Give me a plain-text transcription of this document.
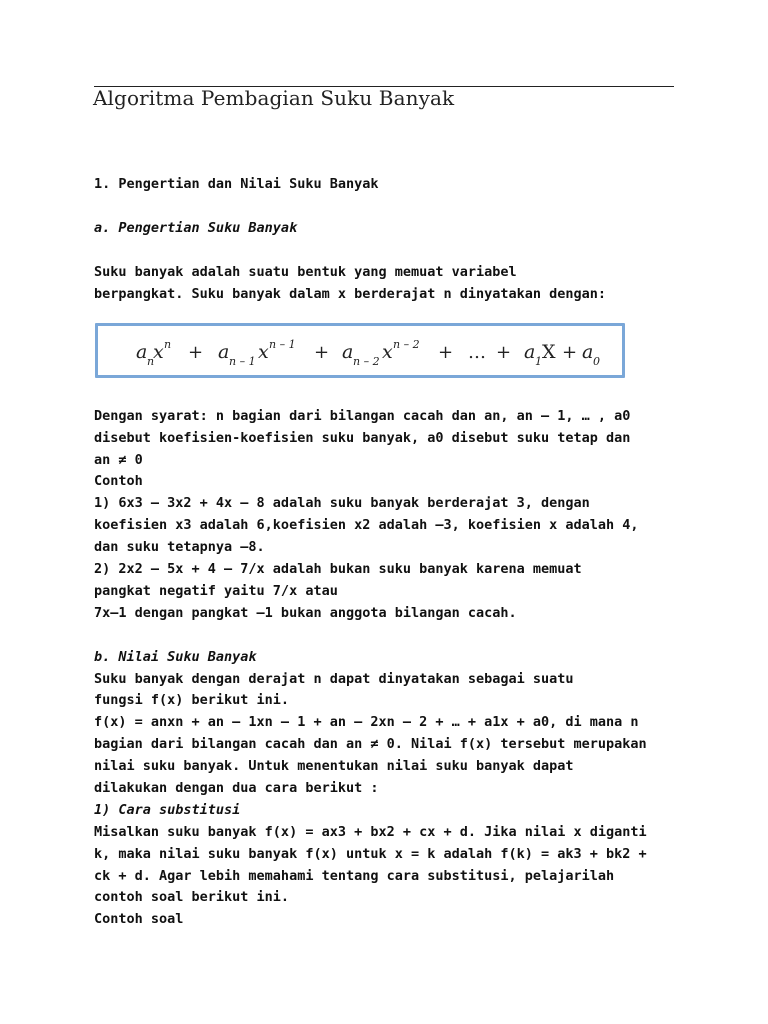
Algoritma Pembagian Suku Banyak
1. Pengertian dan Nilai Suku Banyak
a. Pengertian Suku Banyak
Suku banyak adalah suatu bentuk yang memuat variabel
berpangkat. Suku banyak dalam x berderajat n dinyatakan dengan:
a n
x n + a n – 1 x n – 1 + a n – 2 x n – 2 + … + a 1 X + a 0
Dengan syarat: n bagian dari bilangan cacah dan an, an – 1, … , a0
disebut koefisien-koefisien suku banyak, a0 disebut suku tetap dan
an ≠ 0
Contoh
1) 6x3 – 3x2 + 4x – 8 adalah suku banyak berderajat 3, dengan
koefisien x3 adalah 6,koefisien x2 adalah –3, koefisien x adalah 4,
dan suku tetapnya –8.
2) 2x2 – 5x + 4 – 7/x adalah bukan suku banyak karena memuat
pangkat negatif yaitu 7/x atau
7x–1 dengan pangkat –1 bukan anggota bilangan cacah.
b. Nilai Suku Banyak
Suku banyak dengan derajat n dapat dinyatakan sebagai suatu
fungsi f(x) berikut ini.
f(x) = anxn + an – 1xn – 1 + an – 2xn – 2 + … + a1x + a0, di mana n
bagian dari bilangan cacah dan an ≠ 0. Nilai f(x) tersebut merupakan
nilai suku banyak. Untuk menentukan nilai suku banyak dapat
dilakukan dengan dua cara berikut :
1) Cara substitusi
Misalkan suku banyak f(x) = ax3 + bx2 + cx + d. Jika nilai x diganti
k, maka nilai suku banyak f(x) untuk x = k adalah f(k) = ak3 + bk2 +
ck + d. Agar lebih memahami tentang cara substitusi, pelajarilah
contoh soal berikut ini.
Contoh soal
